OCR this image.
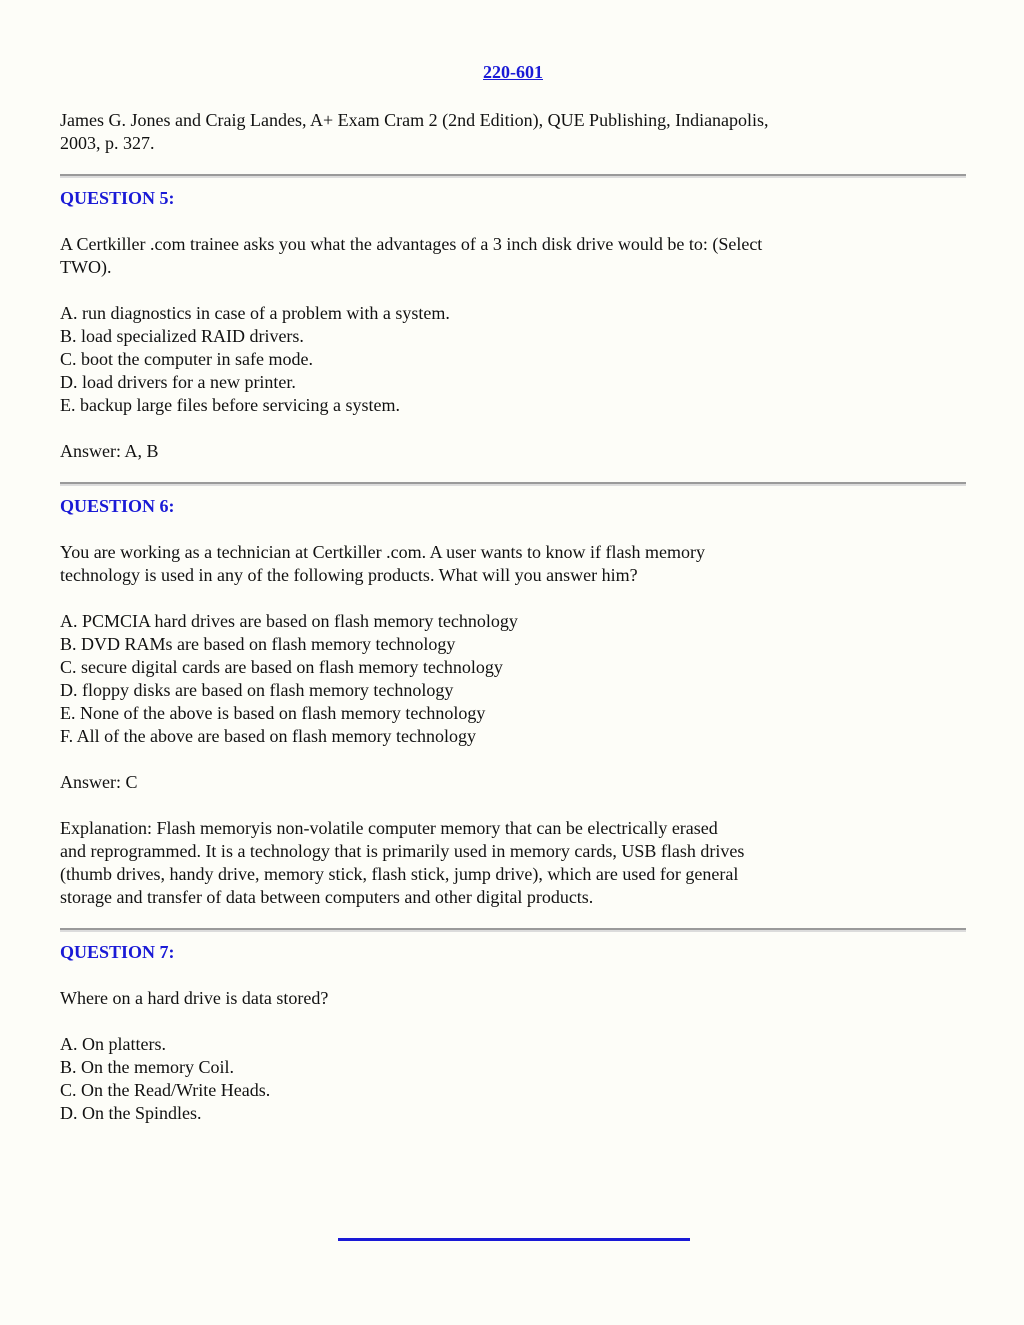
220-601

James G. Jones and Craig Landes, A+ Exam Cram 2 (2nd Edition), QUE Publishing, Indianapolis, 2003, p. 327.

QUESTION 5:

A Certkiller .com trainee asks you what the advantages of a 3 inch disk drive would be to: (Select TWO).

A. run diagnostics in case of a problem with a system.

B. load specialized RAID drivers.

C. boot the computer in safe mode.

D. load drivers for a new printer.

E. backup large files before servicing a system.

Answer: A, B

QUESTION 6:

You are working as a technician at Certkiller .com. A user wants to know if flash memory technology is used in any of the following products. What will you answer him?

A. PCMCIA hard drives are based on flash memory technology

B. DVD RAMs are based on flash memory technology

C. secure digital cards are based on flash memory technology

D. floppy disks are based on flash memory technology

E. None of the above is based on flash memory technology

F. All of the above are based on flash memory technology

Answer: C

Explanation: Flash memoryis non-volatile computer memory that can be electrically erased and reprogrammed. It is a technology that is primarily used in memory cards, USB flash drives (thumb drives, handy drive, memory stick, flash stick, jump drive), which are used for general storage and transfer of data between computers and other digital products.

QUESTION 7:

Where on a hard drive is data stored?

A. On platters.

B. On the memory Coil.

C. On the Read/Write Heads.

D. On the Spindles.
